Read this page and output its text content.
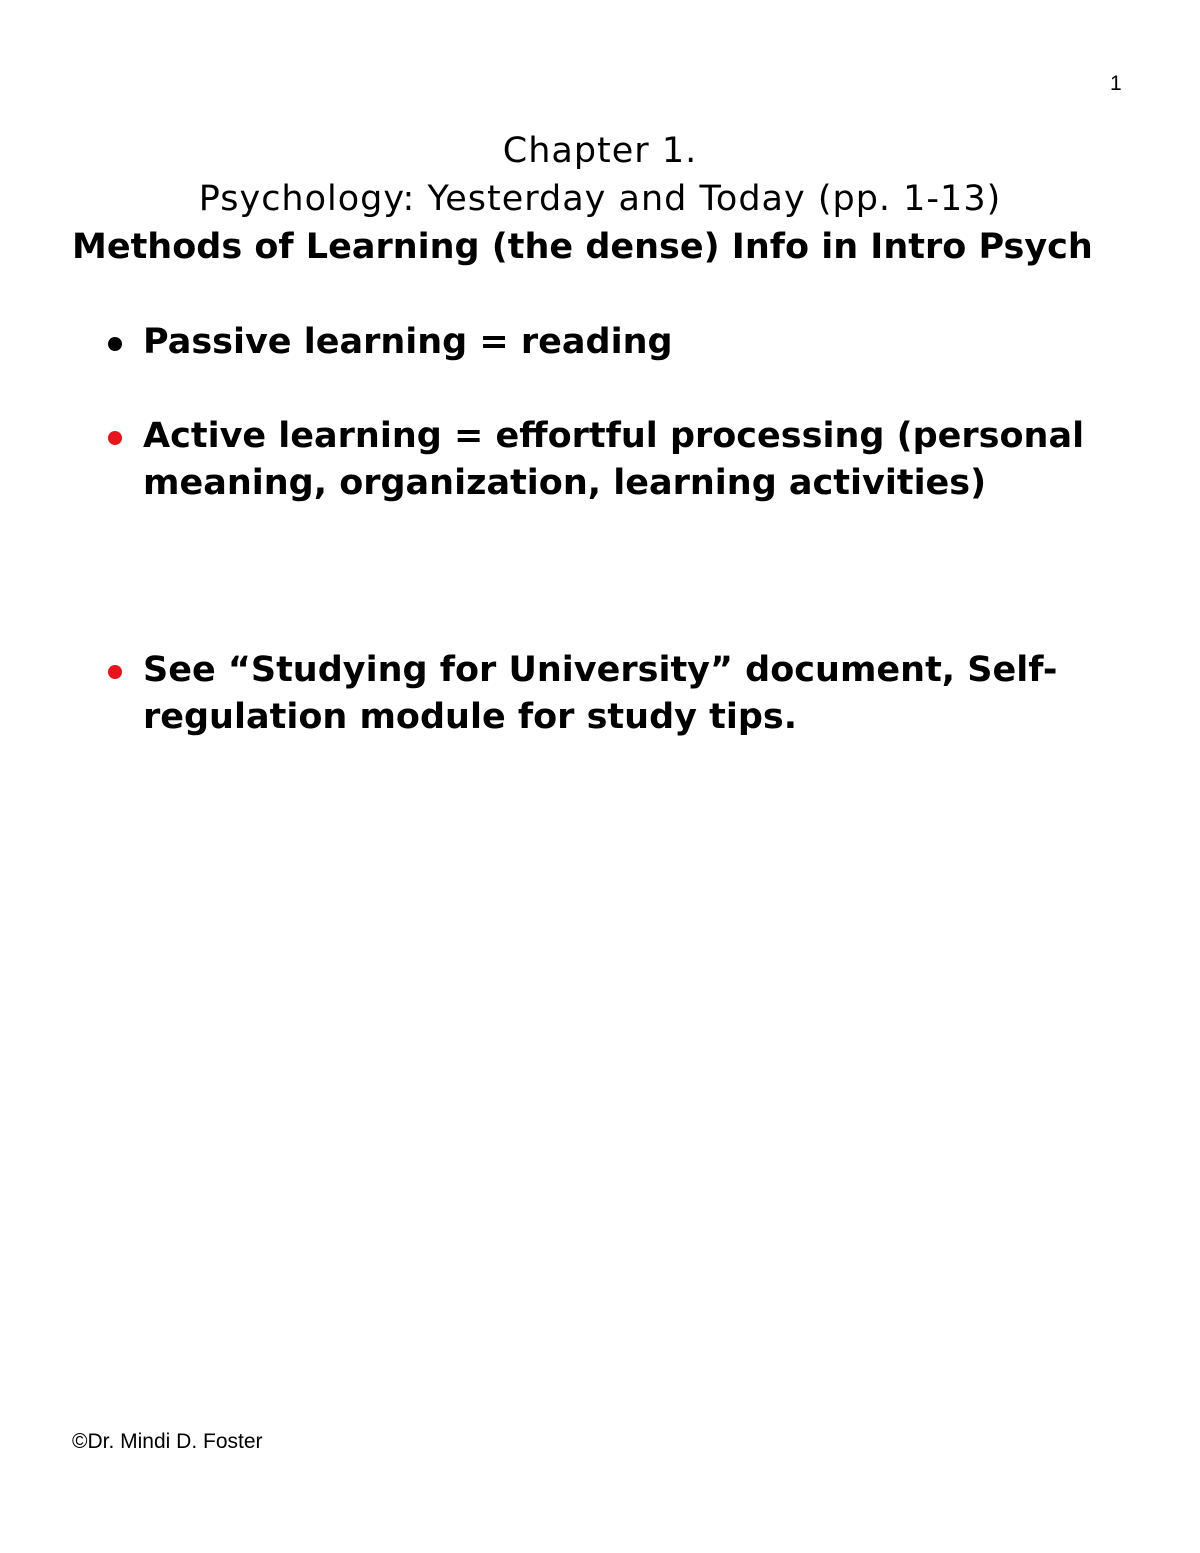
1
Chapter 1.
Psychology: Yesterday and Today (pp. 1-13)
Methods of Learning (the dense) Info in Intro Psych
Passive learning = reading
Active learning = effortful processing (personal meaning, organization, learning activities)
See “Studying for University” document, Self-regulation module for study tips.
©Dr. Mindi D. Foster
